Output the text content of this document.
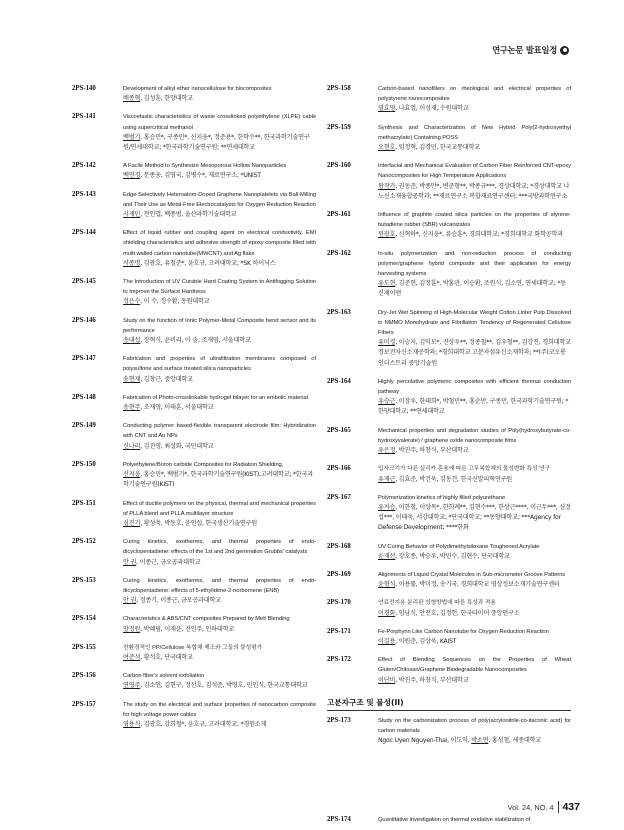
연구논문 발표일정
2PS-140	Development of alkyl ether nanocellulose for biocomposites
배종혁, 김성훈, 한양대학교
2PS-141	Viscoelastic characteristics of waste crosslinked polyethylene (XLPE) cable using supercritical methanol
백범기, 홍승민*, 구종민*, 신지웅*, 정준용*, 한학수**, 한국과학기술연구원/연세대학교; *한국과학기술연구원; **연세대학교
2PS-142	A Facile Method to Synthesize Mesoporous Hollow Nanoparticles
백연경, 문종웅, 김영국, 김병수*, 재료연구소; *UNIST
2PS-143	Edge-Selectively Heteroatom-Doped Graphene Nanoplatelets via Ball-Milling and Their Use as Metal-Free Electrocatalysts for Oxygen Reduction Reaction
서재민, 전인엽, 백종범, 울산과학기술대학교
2PS-144	Effect of liquid rubber and coupling agent on electrical conductivity, EMI shielding characteristics and adhesive strength of epoxy composite filled with multi walled carbon nanotube(MWCNT) and Ag flake
서종명, 김광호, 유철준*, 윤호규, 고려대학교; *SK 하이닉스
2PS-145	The Introduction of UV Curable Hard Coating System to Antifogging Solution to Improve the Surface Hardness
성은수, 이 수, 정수환, 동원대학교
2PS-146	Study on the function of Ionic Polymer-Metal Composite bend sensor and its performance
송대섭, 장혁식, 윤비리, 이 솔, 조재영, 서울대학교
2PS-147	Fabrication and properties of ultrafiltration membranes composed of polysulfone and surface treated silica nanoparticles
송현재, 김창근, 중앙대학교
2PS-148	Fabrication of Photo-crosslinkable hydrogel bilayer for an embolic material
송현주, 조재영, 이태훈, 서울대학교
2PS-149	Conducting polymer based-flexible transparent electrode film: Hybridization with CNT and Au NPs
신나리, 김진영, 최설화, 국민대학교
2PS-150	Polyethylene/Boron carbide Composites for Radiation Shielding,
신지웅, 홍승민*, 백범기*, 한국과학기술연구원(KIST),고려대학교; *한국과학기술연구원(KIST)
2PS-151	Effect of ductile polymers on the physical, thermal and mechanical properties of PLLA blend and PLLA multilayer structure
심진기, 황성욱, 박동호, 윤인섭, 한국생산기술연구원
2PS-152	Curing kinetics, exotherms, and thermal properties of endo-dicyclopentadiene: effects of the 1st and 2nd generation Grubbs' catalysts
안 권, 이종근, 금오공과대학교
2PS-153	Curing kinetics, exotherms, and thermal properties of endo-dicyclopentadiene: effects of 5-ethylidene-2-norbornene (ENB)
안 권, 정종기, 이종근, 금오공과대학교
2PS-154	Characteristics & ABS/CNT composites Prepared by Melt Blending
양정원, 박혜림, 이재윤, 진인주, 인하대학교
2PS-155	친환경적인 PP/Cellulose 복합체 제조와 그들의 물성평가
여준석, 황석호, 단국대학교
2PS-156	Carbon fiber's solvent exfoliation
연영주, 김소연, 김현구, 정선호, 김석준, 박영호, 민인식, 한국교통대학교
2PS-157	The study on the electrical and surface properties of nanocarbon composite for high voltage power cables
염용식, 김광호, 강희철*, 윤호규, 고려대학교; *경원소재
2PS-158	Carbon-based nanofillers on rheological and electrical properties of polystyrene nanocomposites
염효영, 나효열, 이성재, 수원대학교
2PS-159	Synthesis and Characterization of New Hybrid Poly(2-hydroxyethyl methacrylate) Containing POSS
오현호, 임정혁, 김경민, 한국교통대학교
2PS-160	Interfacial and Mechanical Evaluation of Carbon Fiber Reinforced CNT-epoxy Nanocomposites for High Temperature Applications
왕작가, 권동준, 박종만*, 변준형**, 박종규***, 경상대학교; *경상대학교 나노신소재융합공학과; **재료연구소 복합재료연구센터; ***국방과학연구소
2PS-161	Influence of graphite coated silica particles on the properties of styrene-butadiene rubber (SBR) vulcanizates
원광호, 신혁하*, 신지웅*, 류승훈*, 경희대학교; *경희대학교 화학공학과
2PS-162	In-situ polymerization and non-reduction process of conducting polymer/graphene hybrid composite and their application for energy harvesting systems
유도현, 김준현, 김정훈*, 박홍관, 이승환, 조원식, 김소연, 연세대학교; *동신제이엔
2PS-163	Dry-Jet Wet Spinning of High-Molecular Weight Cotton Linter Pulp Dissolved in NMMO Monohydrate and Fibrillation Tendency of Regenerated Cellulose Fibers
유미경, 이승지, 김익모*, 진상우**, 정종철**, 김우철**, 김강진, 경희대학교 정보전자신소재공학과; *경희대학교 고분자섬유신소재학과; **(주)코오롱 인더스트리 중앙기술원
2PS-164	Highly percolative polymeric composites with efficient thermal conduction pathway
유승근, 이장우, 한태희*, 박철민**, 홍순만, 구종민, 한국과학기술연구원; *한양대학교; **연세대학교
2PS-165	Mechanical properties and degradation studies of Poly(hydroxybutyrate-co-hydroxyvalerate) / graphene oxide nanocomposite films
유은정, 박진주, 하창식, 부산대학교
2PS-166	입자크기가 다른 실리카 혼용에 따른 고무복합체의 물성변화 특성 연구
유재근, 김효준, 박건욱, 김동건, 한국신발피혁연구원
2PS-167	Polymerization kinetics of highly filled polyurethane
유지승, 이한철, 이상목*, 한희례**, 김현수***, 한상근****, 이근두***, 심정섭***, 이태욱, 서강대학교; *단국대학교; **동양대학교; ***Agency for Defense Development; ****한화
2PS-168	UV Curing Behavior of Polydimethylsiloxane Toughened Acrylate
윤재선, 강호종, 박승우, 박민수, 김현수, 단국대학교
2PS-169	Alignments of Liquid Crystal Molecules in Sub-micrometer Groove Patterns
윤형석, 이용률, 박미정, 송기국, 경희대학교 영상정보소재기술연구센터
2PS-170	연료전지용 분리판 성형방법에 따른 특성과 적용
이경화, 임남식, 안진호, 김정헌, 한국타이어 중앙연구소
2PS-171	Fe-Porphyrin Like Carbon Nanotube for Oxygen Reduction Reaction
이길용, 이원준, 김상욱, KAIST
2PS-172	Effect of Blending Sequences on the Properties of Wheat Gluten/Chitosan/Graphene Biodegradable Nanocomposites
이단비, 박진주, 하창식, 부산대학교
고분자구조 및 물성(II)
2PS-173	Study on the carbonization process of poly(acrylonitrile-co-itaconic acid) for carbon materials
Ngoc Uyen Nguyen-Thai, 이도익, 박소연, 홍성철, 세종대학교
2PS-174	Quantitative investigation on thermal oxidative stabilization of
Vol. 24, NO. 4 437
